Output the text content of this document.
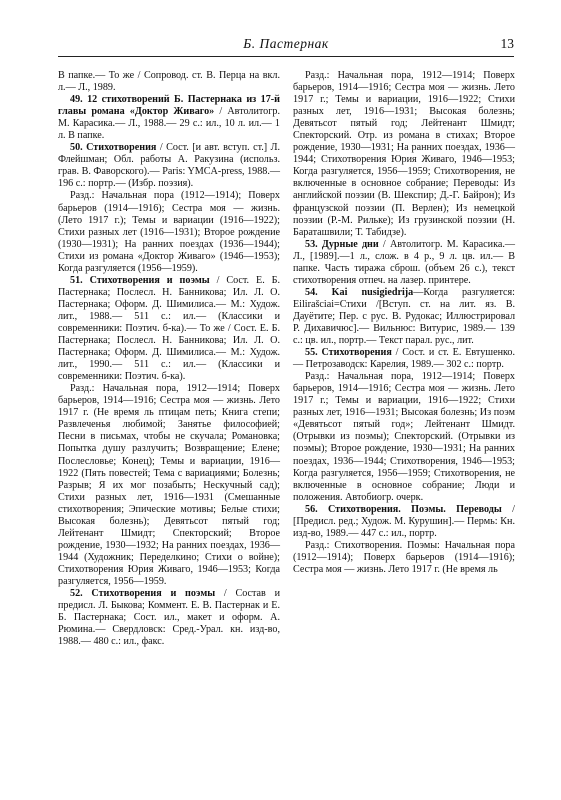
Б. Пастернак	13

В папке.— То же / Сопровод. ст. В. Перца на вкл. л.— Л., 1989.

49. 12 стихотворений Б. Пастернака из 17-й главы романа «Доктор Живаго» / Автолитогр. М. Карасика.— Л., 1988.— 29 с.: ил., 10 л. ил.— 1 л. В папке.

50. Стихотворения / Сост. [и авт. вступ. ст.] Л. Флейшман; Обл. работы А. Ракузина (использ. грав. В. Фаворского).— Paris: YMCA-press, 1988.— 196 с.: портр.— (Избр. поэзия).

Разд.: Начальная пора (1912—1914); Поверх барьеров (1914—1916); Сестра моя — жизнь. (Лето 1917 г.); Темы и вариации (1916—1922); Стихи разных лет (1916—1931); Второе рождение (1930—1931); На ранних поездах (1936—1944); Стихи из романа «Доктор Живаго» (1946—1953); Когда разгуляется (1956—1959).

51. Стихотворения и поэмы / Сост. Е. Б. Пастернака; Послесл. Н. Банникова; Ил. Л. О. Пастернака; Оформ. Д. Шимилиса.— М.: Худож. лит., 1988.— 511 с.: ил.— (Классики и современники: Поэтич. б-ка).— То же / Сост. Е. Б. Пастернака; Послесл. Н. Банникова; Ил. Л. О. Пастернака; Оформ. Д. Шимилиса.— М.: Худож. лит., 1990.— 511 с.: ил.— (Классики и современники: Поэтич. б-ка).

Разд.: Начальная пора, 1912—1914; Поверх барьеров, 1914—1916; Сестра моя — жизнь. Лето 1917 г. (Не время ль птицам петь; Книга степи; Развлеченья любимой; Занятье философией; Песни в письмах, чтобы не скучала; Романовка; Попытка душу разлучить; Возвращение; Елене; Послесловье; Конец); Темы и вариации, 1916—1922 (Пять повестей; Тема с вариациями; Болезнь; Разрыв; Я их мог позабыть; Нескучный сад); Стихи разных лет, 1916—1931 (Смешанные стихотворения; Эпические мотивы; Белые стихи; Высокая болезнь); Девятьсот пятый год; Лейтенант Шмидт; Спекторский; Второе рождение, 1930—1932; На ранних поездах, 1936—1944 (Художник; Переделкино; Стихи о войне); Стихотворения Юрия Живаго, 1946—1953; Когда разгуляется, 1956—1959.

52. Стихотворения и поэмы / Состав и предисл. Л. Быкова; Коммент. Е. В. Пастернак и Е. Б. Пастернака; Сост. ил., макет и оформ. А. Рюмина.— Свердловск: Сред.-Урал. кн. изд-во, 1988.— 480 с.: ил., факс.

Разд.: Начальная пора, 1912—1914; Поверх барьеров, 1914—1916; Сестра моя — жизнь. Лето 1917 г.; Темы и вариации, 1916—1922; Стихи разных лет, 1916—1931; Высокая болезнь; Девятьсот пятый год; Лейтенант Шмидт; Спекторский. Отр. из романа в стихах; Второе рождение, 1930—1931; На ранних поездах, 1936—1944; Стихотворения Юрия Живаго, 1946—1953; Когда разгуляется, 1956—1959; Стихотворения, не включенные в основное собрание; Переводы: Из английской поэзии (В. Шекспир; Д.-Г. Байрон); Из французской поэзии (П. Верлен); Из немецкой поэзии (Р.-М. Рильке); Из грузинской поэзии (Н. Бараташвили; Т. Табидзе).

53. Дурные дни / Автолитогр. М. Карасика.— Л., [1989].—1 л., слож. в 4 р., 9 л. цв. ил.— В папке. Часть тиража сброш. (объем 26 с.), текст стихотворения отпеч. на лазер. принтере.

54. Kai nusigiedrija—Когда разгуляется: Eilirašciai=Стихи /[Вступ. ст. на лит. яз. В. Дауётите; Пер. с рус. В. Рудокас; Иллюстрировал Р. Дихавичюс].— Вильнюс: Витурис, 1989.— 139 с.: цв. ил., портр.— Текст парал. рус., лит.

55. Стихотворения / Сост. и ст. Е. Евтушенко.— Петрозаводск: Карелия, 1989.— 302 с.: портр.

Разд.: Начальная пора, 1912—1914; Поверх барьеров, 1914—1916; Сестра моя — жизнь. Лето 1917 г.; Темы и вариации, 1916—1922; Стихи разных лет, 1916—1931; Высокая болезнь; Из поэм «Девятьсот пятый год»; Лейтенант Шмидт. (Отрывки из поэмы); Спекторский. (Отрывки из поэмы); Второе рождение, 1930—1931; На ранних поездах, 1936—1944; Стихотворения, 1946—1953; Когда разгуляется, 1956—1959; Стихотворения, не включенные в основное собрание; Люди и положения. Автобиогр. очерк.

56. Стихотворения. Поэмы. Переводы / [Предисл. ред.; Худож. М. Курушин].— Пермь: Кн. изд-во, 1989.— 447 с.: ил., портр.

Разд.: Стихотворения. Поэмы: Начальная пора (1912—1914); Поверх барьеров (1914—1916); Сестра моя — жизнь. Лето 1917 г. (Не время ль
